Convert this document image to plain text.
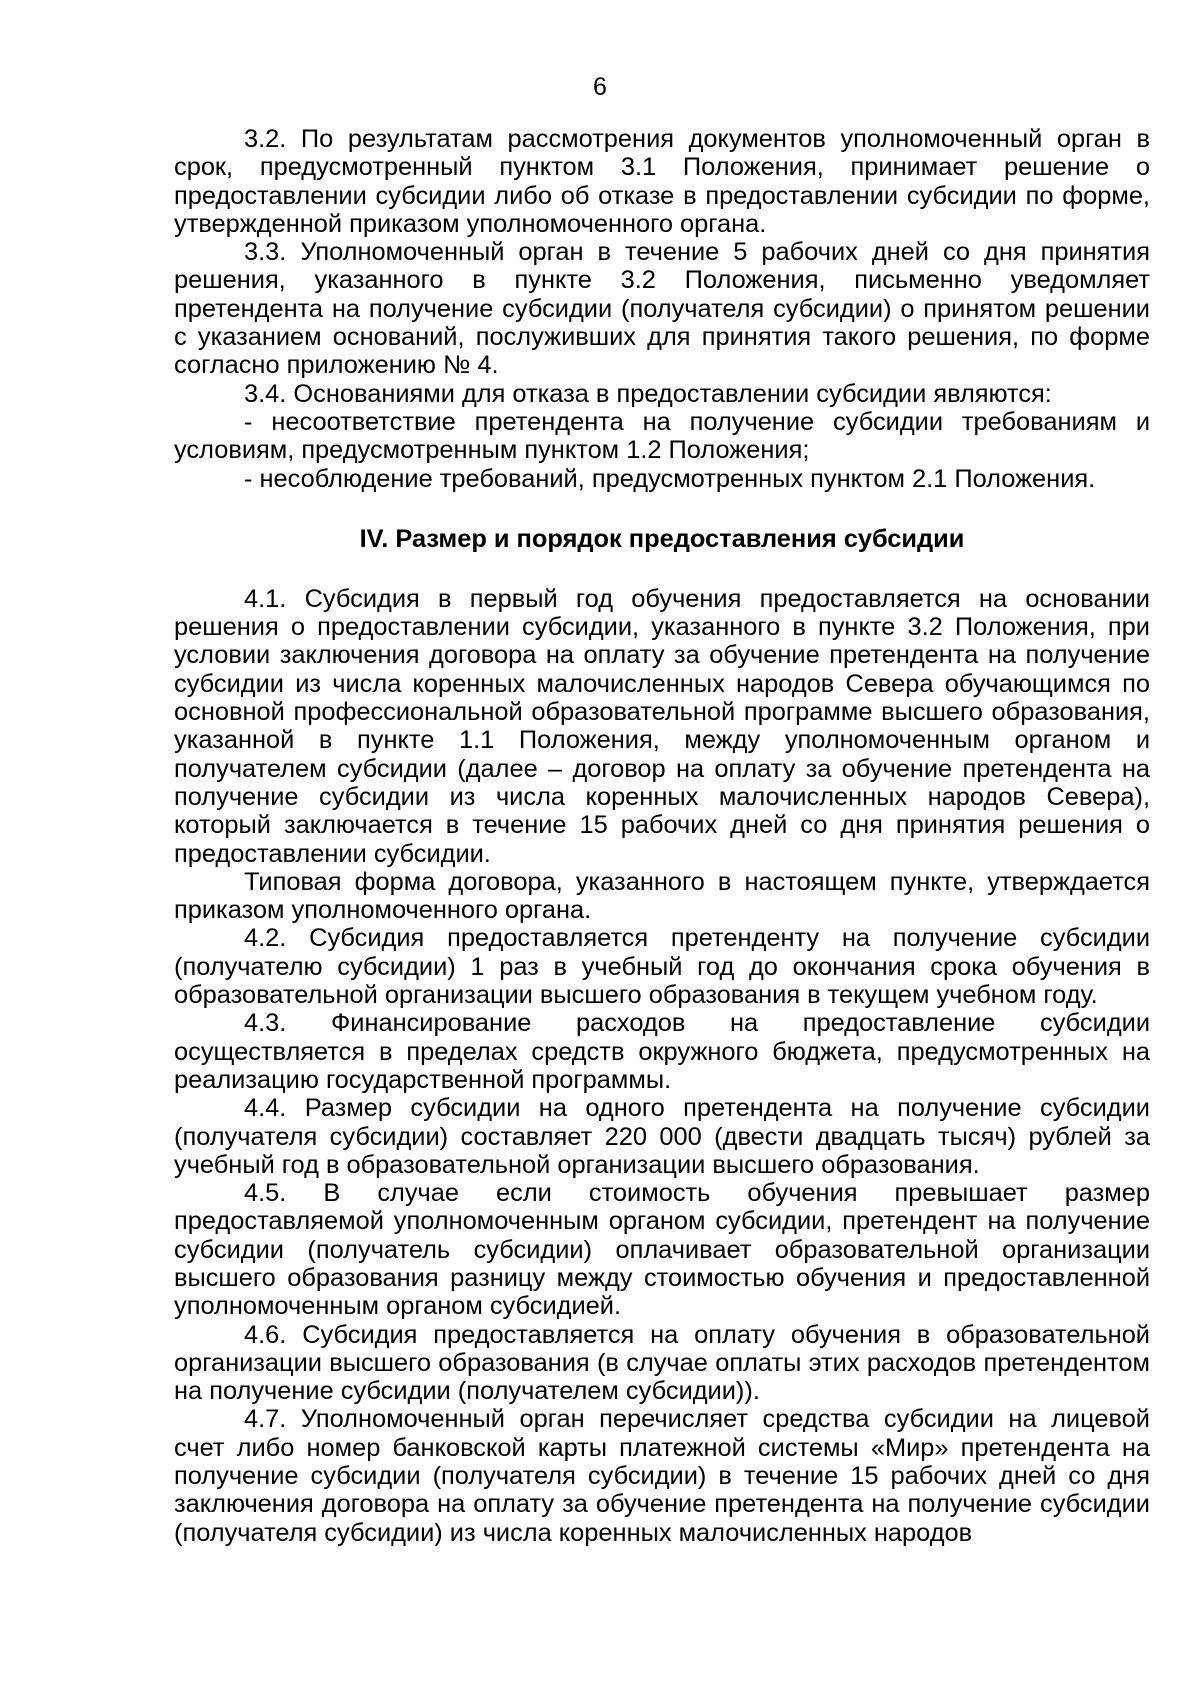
6

3.2. По результатам рассмотрения документов уполномоченный орган в срок, предусмотренный пунктом 3.1 Положения, принимает решение о предоставлении субсидии либо об отказе в предоставлении субсидии по форме, утвержденной приказом уполномоченного органа.

3.3. Уполномоченный орган в течение 5 рабочих дней со дня принятия решения, указанного в пункте 3.2 Положения, письменно уведомляет претендента на получение субсидии (получателя субсидии) о принятом решении с указанием оснований, послуживших для принятия такого решения, по форме согласно приложению № 4.

3.4. Основаниями для отказа в предоставлении субсидии являются:

- несоответствие претендента на получение субсидии требованиям и условиям, предусмотренным пунктом 1.2 Положения;

- несоблюдение требований, предусмотренных пунктом 2.1 Положения.

IV. Размер и порядок предоставления субсидии

4.1. Субсидия в первый год обучения предоставляется на основании решения о предоставлении субсидии, указанного в пункте 3.2 Положения, при условии заключения договора на оплату за обучение претендента на получение субсидии из числа коренных малочисленных народов Севера обучающимся по основной профессиональной образовательной программе высшего образования, указанной в пункте 1.1 Положения, между уполномоченным органом и получателем субсидии (далее – договор на оплату за обучение претендента на получение субсидии из числа коренных малочисленных народов Севера), который заключается в течение 15 рабочих дней со дня принятия решения о предоставлении субсидии.

Типовая форма договора, указанного в настоящем пункте, утверждается приказом уполномоченного органа.

4.2. Субсидия предоставляется претенденту на получение субсидии (получателю субсидии) 1 раз в учебный год до окончания срока обучения в образовательной организации высшего образования в текущем учебном году.

4.3. Финансирование расходов на предоставление субсидии осуществляется в пределах средств окружного бюджета, предусмотренных на реализацию государственной программы.

4.4. Размер субсидии на одного претендента на получение субсидии (получателя субсидии) составляет 220 000 (двести двадцать тысяч) рублей за учебный год в образовательной организации высшего образования.

4.5. В случае если стоимость обучения превышает размер предоставляемой уполномоченным органом субсидии, претендент на получение субсидии (получатель субсидии) оплачивает образовательной организации высшего образования разницу между стоимостью обучения и предоставленной уполномоченным органом субсидией.

4.6. Субсидия предоставляется на оплату обучения в образовательной организации высшего образования (в случае оплаты этих расходов претендентом на получение субсидии (получателем субсидии)).

4.7. Уполномоченный орган перечисляет средства субсидии на лицевой счет либо номер банковской карты платежной системы «Мир» претендента на получение субсидии (получателя субсидии) в течение 15 рабочих дней со дня заключения договора на оплату за обучение претендента на получение субсидии (получателя субсидии) из числа коренных малочисленных народов
